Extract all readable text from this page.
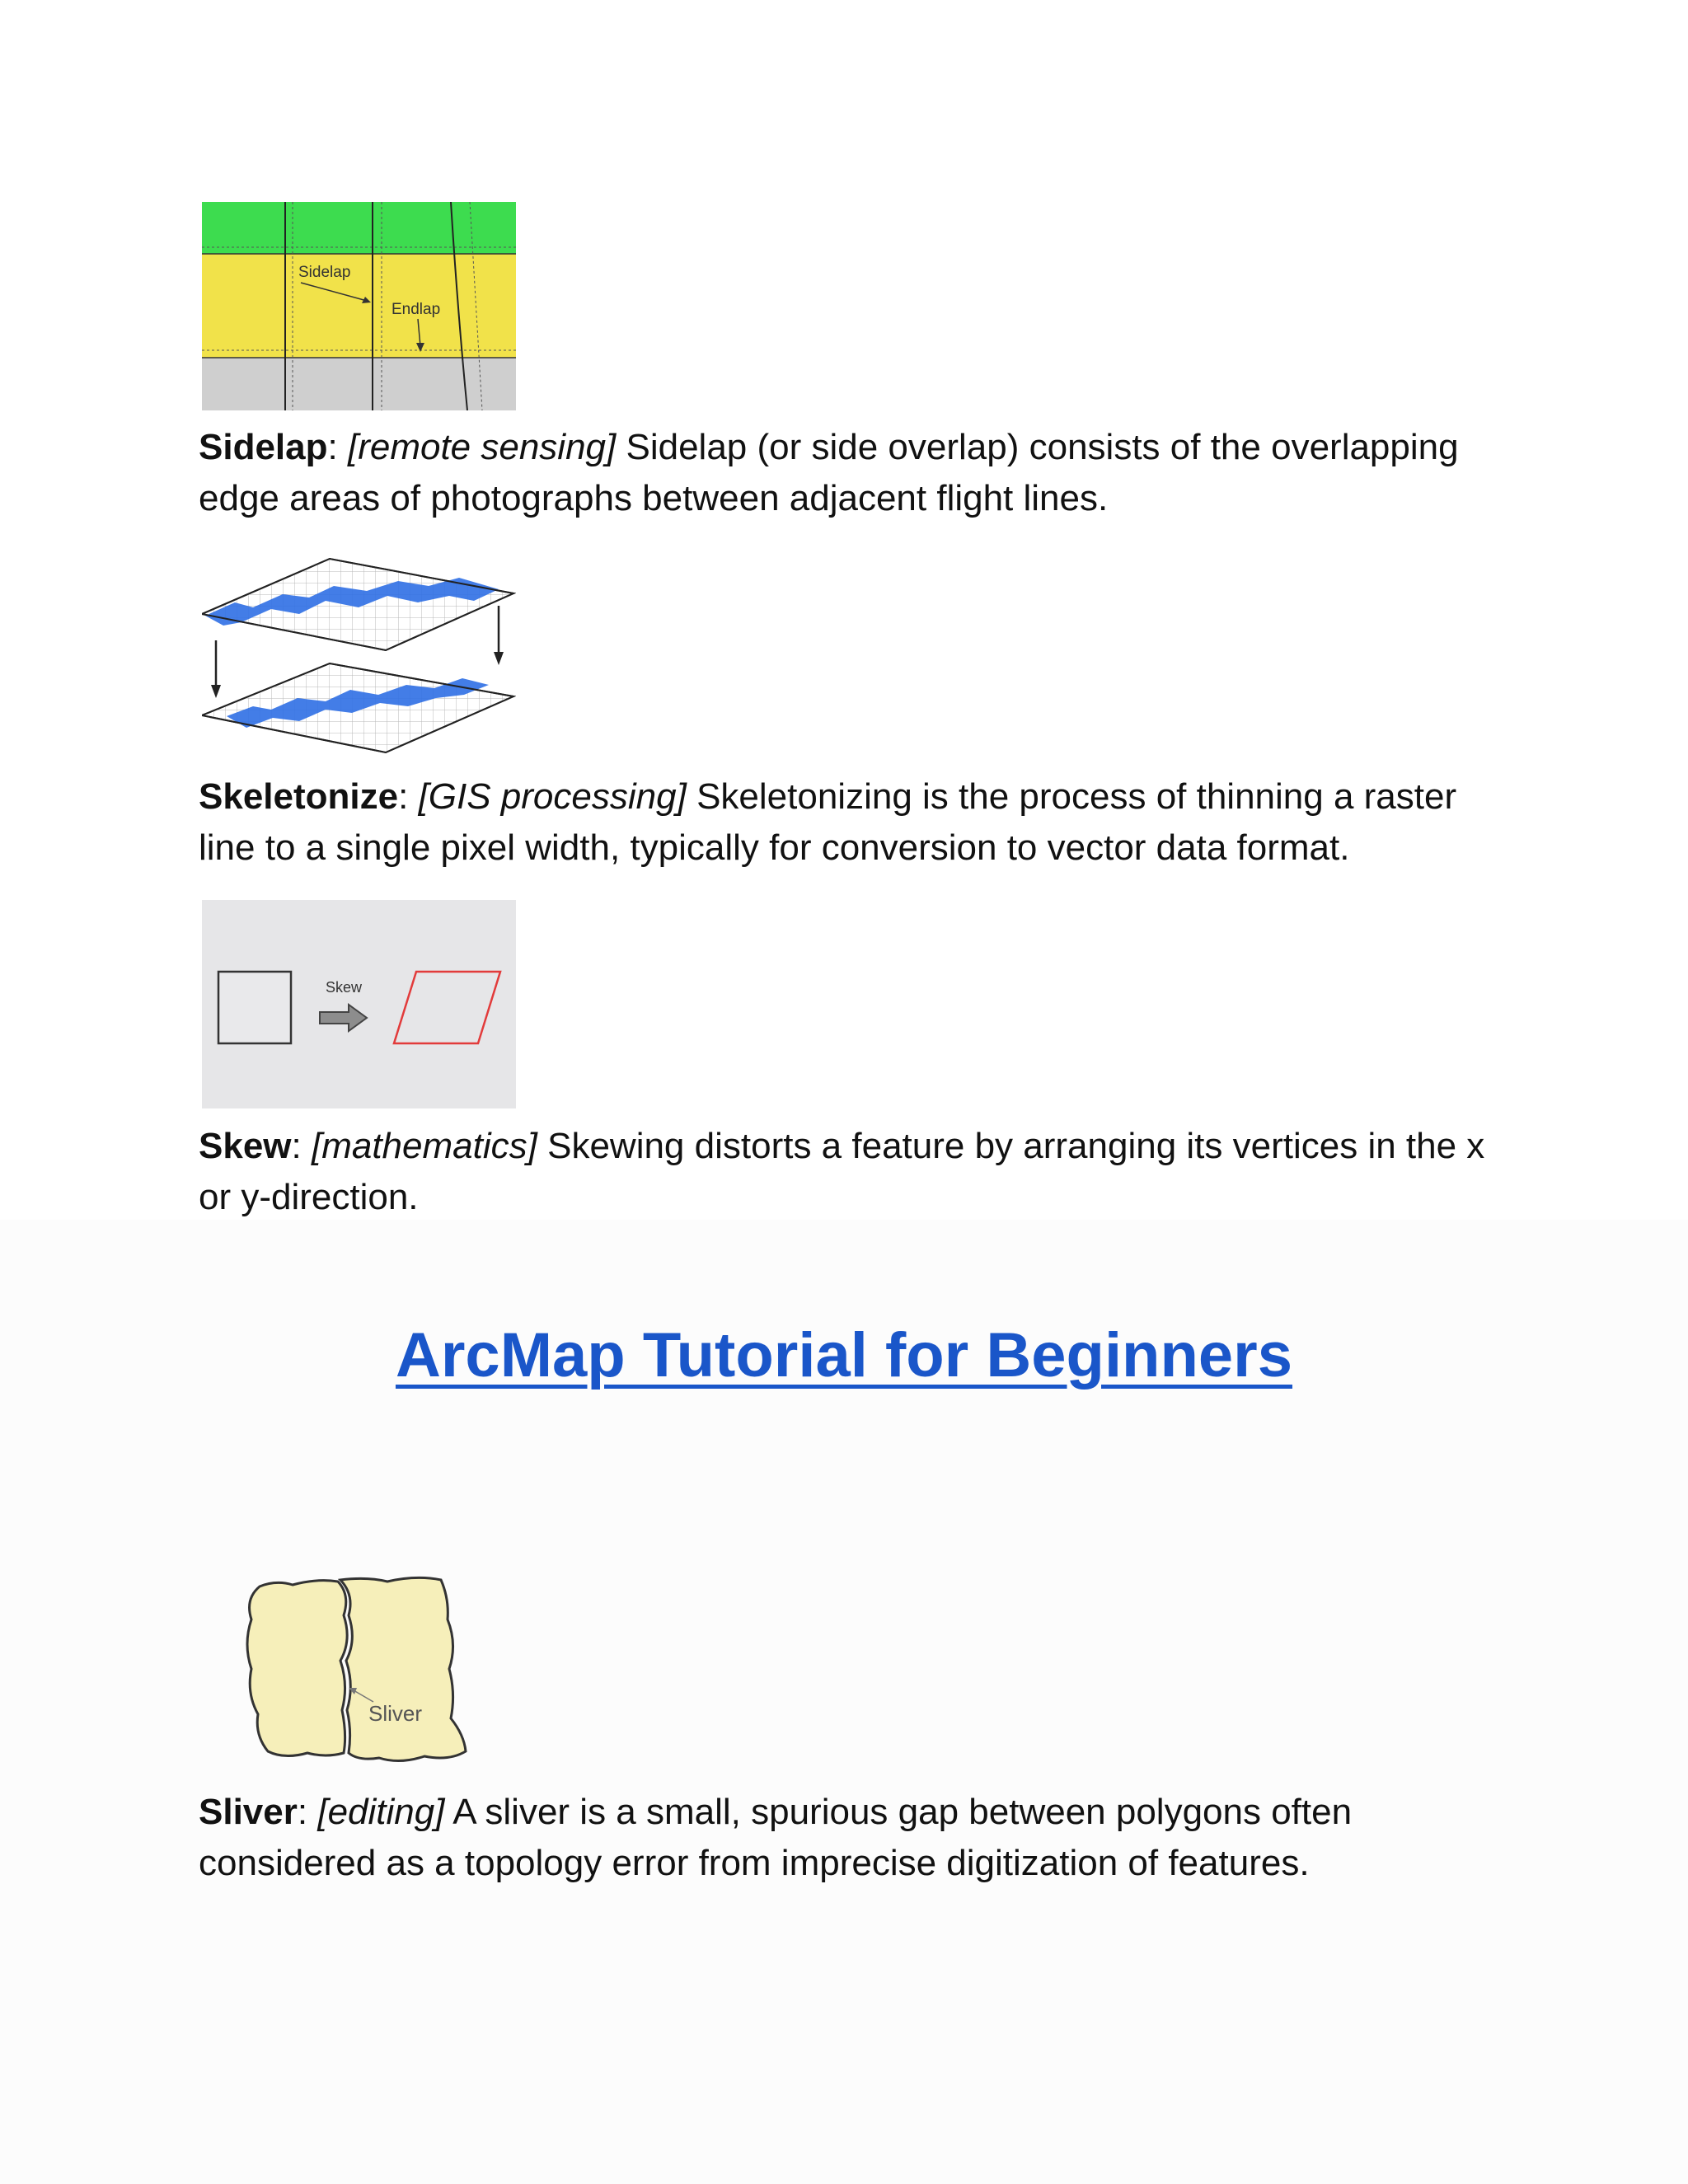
Sidelap
Endlap

Sidelap: [remote sensing] Sidelap (or side overlap) consists of the overlapping edge areas of photographs between adjacent flight lines.

Skeletonize: [GIS processing] Skeletonizing is the process of thinning a raster line to a single pixel width, typically for conversion to vector data format.

Skew

Skew: [mathematics] Skewing distorts a feature by arranging its vertices in the x or y-direction.

ArcMap Tutorial for Beginners

Sliver

Sliver: [editing] A sliver is a small, spurious gap between polygons often considered as a topology error from imprecise digitization of features.
